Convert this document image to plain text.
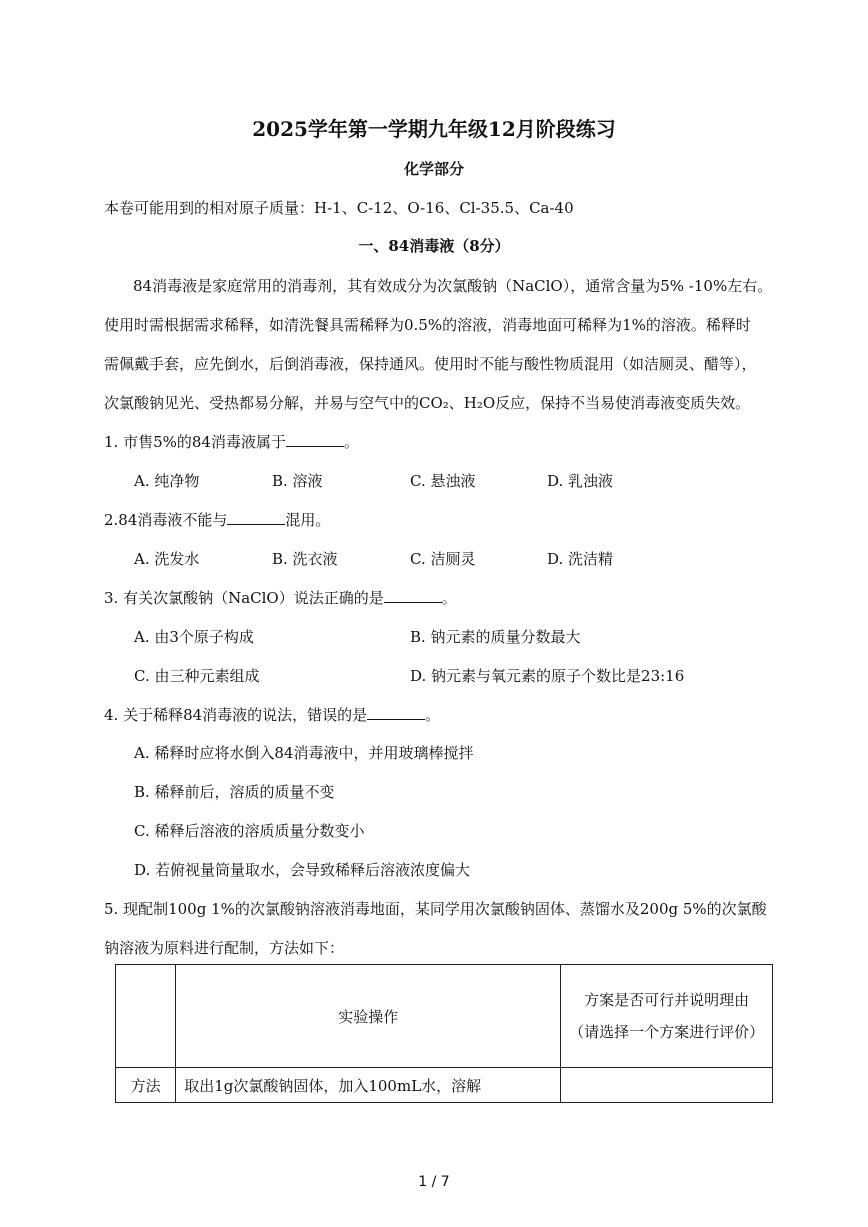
2025学年第一学期九年级12月阶段练习
化学部分
本卷可能用到的相对原子质量：H-1、C-12、O-16、Cl-35.5、Ca-40
一、84消毒液（8分）
84消毒液是家庭常用的消毒剂，其有效成分为次氯酸钠（NaClO），通常含量为5% -10%左右。
使用时需根据需求稀释，如清洗餐具需稀释为0.5%的溶液，消毒地面可稀释为1%的溶液。稀释时
需佩戴手套，应先倒水，后倒消毒液，保持通风。使用时不能与酸性物质混用（如洁厕灵、醋等），
次氯酸钠见光、受热都易分解，并易与空气中的CO₂、H₂O反应，保持不当易使消毒液变质失效。
1. 市售5%的84消毒液属于	。
A. 纯净物	B. 溶液	C. 悬浊液	D. 乳浊液
2.84消毒液不能与	混用。
A. 洗发水	B. 洗衣液	C. 洁厕灵	D. 洗洁精
3. 有关次氯酸钠（NaClO）说法正确的是	。
A. 由3个原子构成	B. 钠元素的质量分数最大
C. 由三种元素组成	D. 钠元素与氧元素的原子个数比是23:16
4. 关于稀释84消毒液的说法，错误的是	。
A. 稀释时应将水倒入84消毒液中，并用玻璃棒搅拌
B. 稀释前后，溶质的质量不变
C. 稀释后溶液的溶质质量分数变小
D. 若俯视量筒量取水，会导致稀释后溶液浓度偏大
5. 现配制100g 1%的次氯酸钠溶液消毒地面，某同学用次氯酸钠固体、蒸馏水及200g 5%的次氯酸
钠溶液为原料进行配制，方法如下：
	实验操作	方案是否可行并说明理由
（请选择一个方案进行评价）

方法	取出1g次氯酸钠固体，加入100mL水，溶解	
1 / 7
